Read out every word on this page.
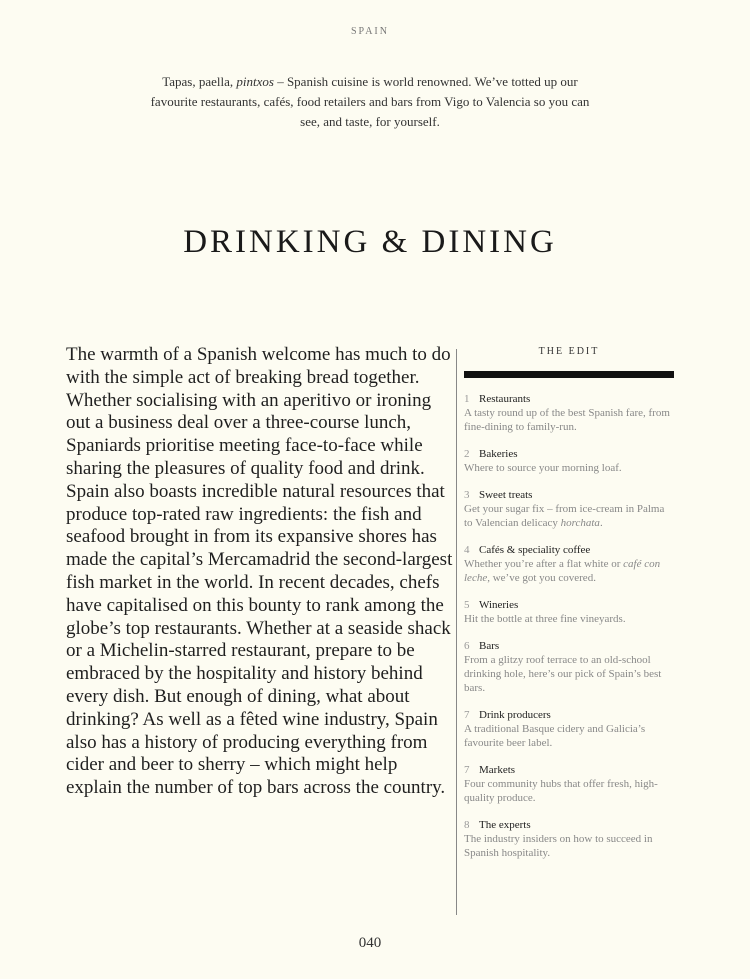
SPAIN
Tapas, paella, pintxos – Spanish cuisine is world renowned. We’ve totted up our favourite restaurants, cafés, food retailers and bars from Vigo to Valencia so you can see, and taste, for yourself.
DRINKING & DINING
The warmth of a Spanish welcome has much to do with the simple act of breaking bread together. Whether socialising with an aperitivo or ironing out a business deal over a three-course lunch, Spaniards prioritise meeting face-to-face while sharing the pleasures of quality food and drink. Spain also boasts incredible natural resources that produce top-rated raw ingredients: the fish and seafood brought in from its expansive shores has made the capital’s Mercamadrid the second-largest fish market in the world. In recent decades, chefs have capitalised on this bounty to rank among the globe’s top restaurants. Whether at a seaside shack or a Michelin-starred restaurant, prepare to be embraced by the hospitality and history behind every dish. But enough of dining, what about drinking? As well as a fêted wine industry, Spain also has a history of producing everything from cider and beer to sherry – which might help explain the number of top bars across the country.
THE EDIT
1 Restaurants
A tasty round up of the best Spanish fare, from fine-dining to family-run.
2 Bakeries
Where to source your morning loaf.
3 Sweet treats
Get your sugar fix – from ice-cream in Palma to Valencian delicacy horchata.
4 Cafés & speciality coffee
Whether you’re after a flat white or café con leche, we’ve got you covered.
5 Wineries
Hit the bottle at three fine vineyards.
6 Bars
From a glitzy roof terrace to an old-school drinking hole, here’s our pick of Spain’s best bars.
7 Drink producers
A traditional Basque cidery and Galicia’s favourite beer label.
7 Markets
Four community hubs that offer fresh, high-quality produce.
8 The experts
The industry insiders on how to succeed in Spanish hospitality.
040
